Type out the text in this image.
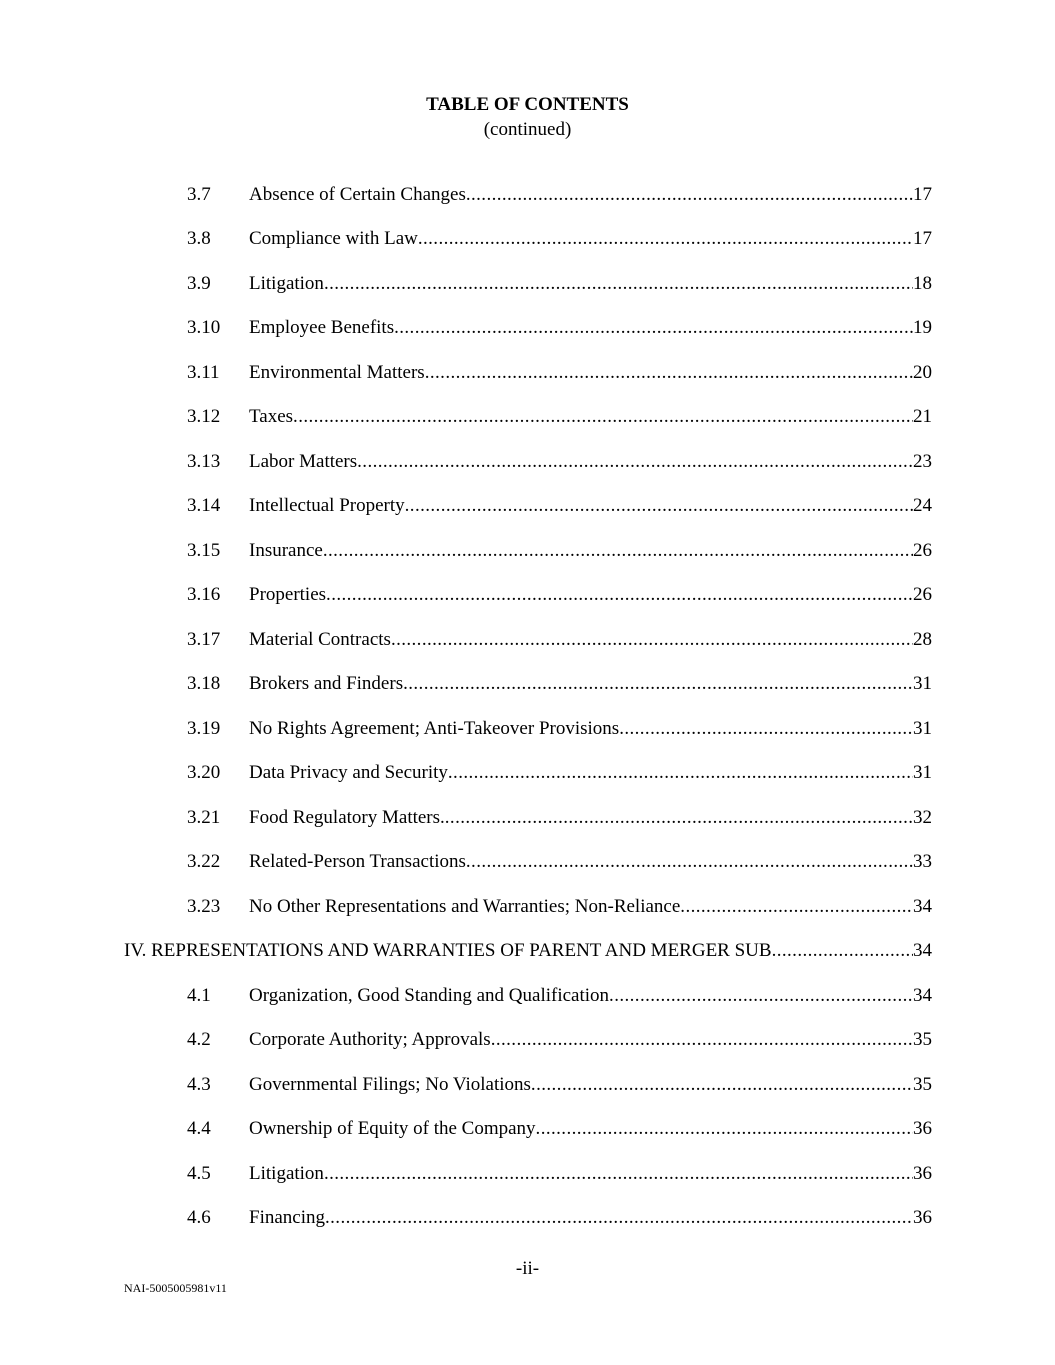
TABLE OF CONTENTS
(continued)
3.7 Absence of Certain Changes .....	17
3.8 Compliance with Law .....	17
3.9 Litigation .....	18
3.10 Employee Benefits .....	19
3.11 Environmental Matters .....	20
3.12 Taxes .....	21
3.13 Labor Matters .....	23
3.14 Intellectual Property .....	24
3.15 Insurance .....	26
3.16 Properties .....	26
3.17 Material Contracts .....	28
3.18 Brokers and Finders .....	31
3.19 No Rights Agreement; Anti-Takeover Provisions .....	31
3.20 Data Privacy and Security .....	31
3.21 Food Regulatory Matters. .....	32
3.22 Related-Person Transactions .....	33
3.23 No Other Representations and Warranties; Non-Reliance .....	34
IV. REPRESENTATIONS AND WARRANTIES OF PARENT AND MERGER SUB .....	34
4.1 Organization, Good Standing and Qualification .....	34
4.2 Corporate Authority; Approvals .....	35
4.3 Governmental Filings; No Violations .....	35
4.4 Ownership of Equity of the Company .....	36
4.5 Litigation .....	36
4.6 Financing .....	36
-ii-
NAI-5005005981v11
